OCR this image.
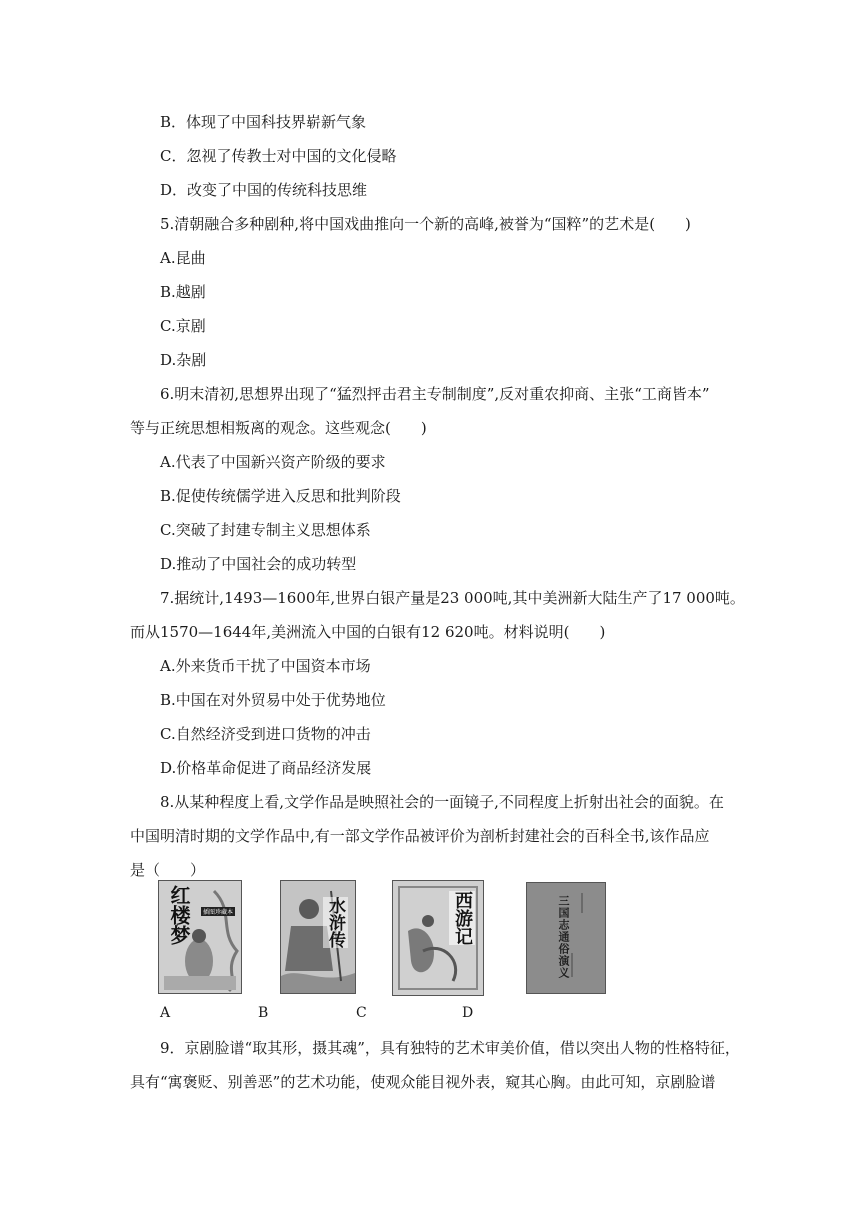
B．体现了中国科技界崭新气象
C．忽视了传教士对中国的文化侵略
D．改变了中国的传统科技思维
5.清朝融合多种剧种,将中国戏曲推向一个新的高峰,被誉为“国粹”的艺术是(　　)
A.昆曲
B.越剧
C.京剧
D.杂剧
6.明末清初,思想界出现了“猛烈抨击君主专制制度”,反对重农抑商、主张“工商皆本”
等与正统思想相叛离的观念。这些观念(　　)
A.代表了中国新兴资产阶级的要求
B.促使传统儒学进入反思和批判阶段
C.突破了封建专制主义思想体系
D.推动了中国社会的成功转型
7.据统计,1493—1600年,世界白银产量是23 000吨,其中美洲新大陆生产了17 000吨。
而从1570—1644年,美洲流入中国的白银有12 620吨。材料说明(　　)
A.外来货币干扰了中国资本市场
B.中国在对外贸易中处于优势地位
C.自然经济受到进口货物的冲击
D.价格革命促进了商品经济发展
8.从某种程度上看,文学作品是映照社会的一面镜子,不同程度上折射出社会的面貌。在
中国明清时期的文学作品中,有一部文学作品被评价为剖析封建社会的百科全书,该作品应
是（　　）
红楼梦	插图珍藏本	水浒传	西游记	三国志通俗演义
A	B	C	D
9．京剧脸谱“取其形，摄其魂”，具有独特的艺术审美价值，借以突出人物的性格特征，
具有“寓褒贬、别善恶”的艺术功能，使观众能目视外表，窥其心胸。由此可知，京剧脸谱
